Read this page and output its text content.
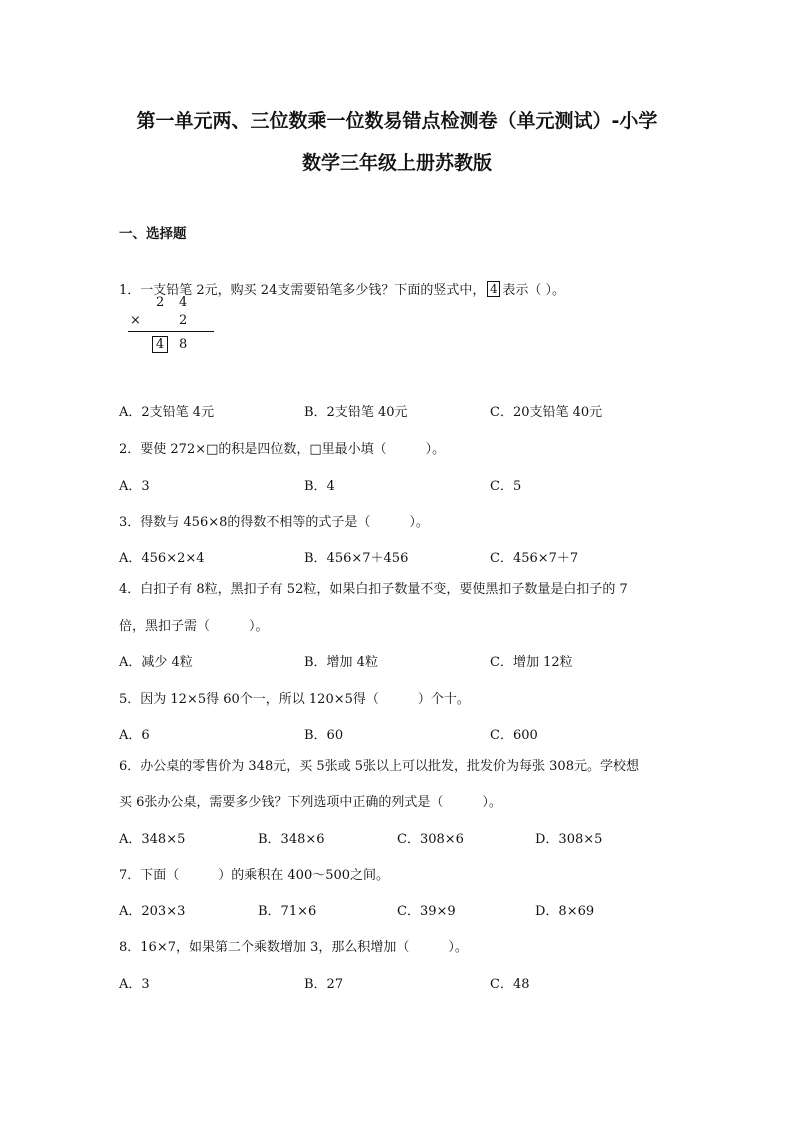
第一单元两、三位数乘一位数易错点检测卷（单元测试）-小学
数学三年级上册苏教版
一、选择题
1．一支铅笔 2元，购买 24支需要铅笔多少钱？下面的竖式中， 4 表示（ ）。
2 4
×	2
4 8
A．2支铅笔 4元	B．2支铅笔 40元	C．20支铅笔 40元
2．要使 272×□的积是四位数，□里最小填（　　　）。
A．3	B．4	C．5
3．得数与 456×8的得数不相等的式子是（　　　）。
A．456×2×4	B．456×7＋456	C．456×7＋7
4．白扣子有 8粒，黑扣子有 52粒，如果白扣子数量不变，要使黑扣子数量是白扣子的 7
倍，黑扣子需（　　　）。
A．减少 4粒	B．增加 4粒	C．增加 12粒
5．因为 12×5得 60个一，所以 120×5得（　　　）个十。
A．6	B．60	C．600
6．办公桌的零售价为 348元，买 5张或 5张以上可以批发，批发价为每张 308元。学校想
买 6张办公桌，需要多少钱？下列选项中正确的列式是（　　　）。
A．348×5	B．348×6	C．308×6	D．308×5
7．下面（　　　）的乘积在 400～500之间。
A．203×3	B．71×6	C．39×9	D．8×69
8．16×7，如果第二个乘数增加 3，那么积增加（　　　）。
A．3	B．27	C．48
